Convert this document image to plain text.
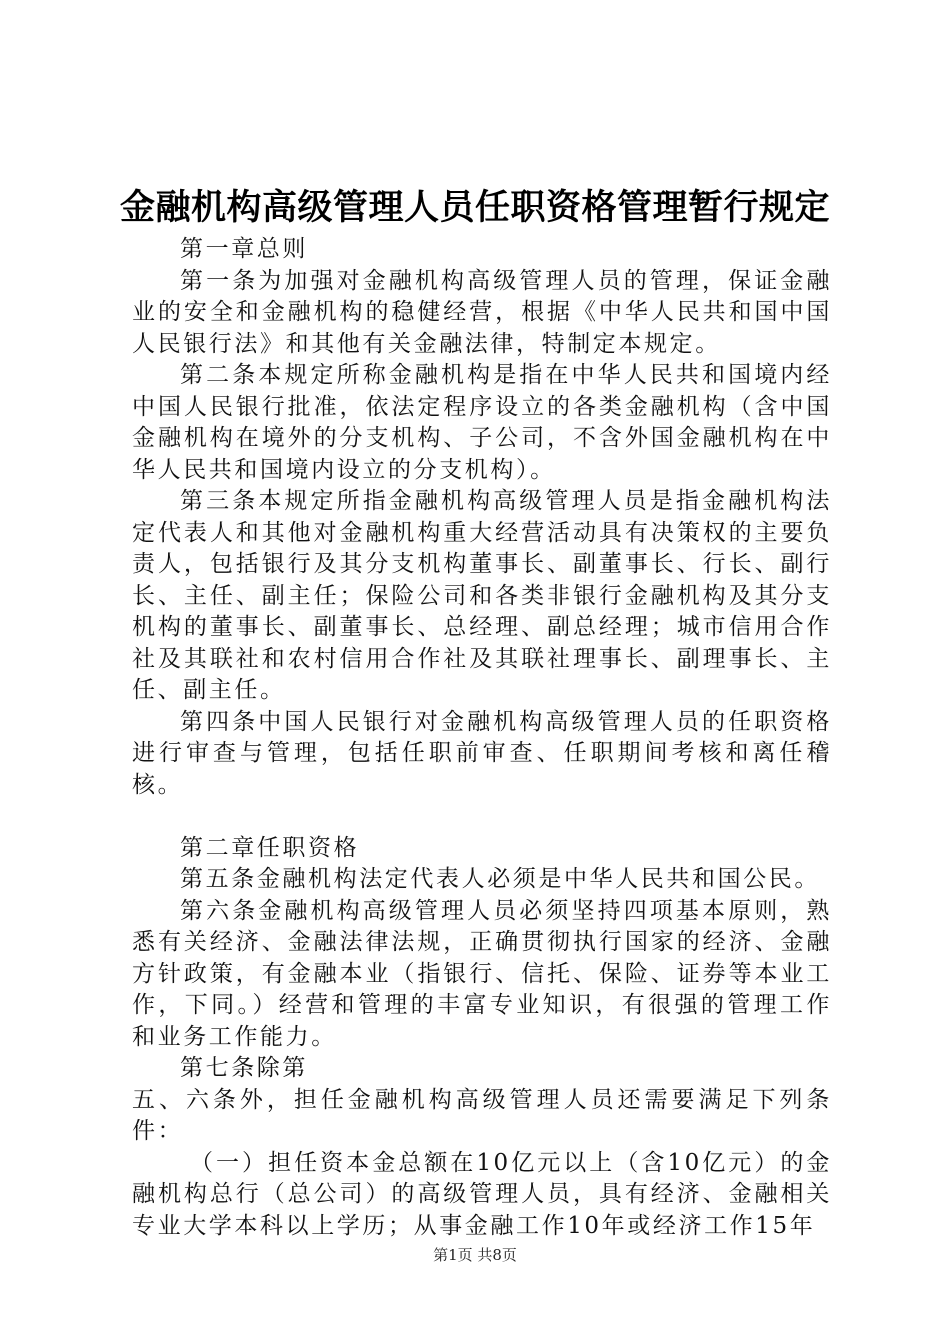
金融机构高级管理人员任职资格管理暂行规定

第一章总则

第一条为加强对金融机构高级管理人员的管理，保证金融业的安全和金融机构的稳健经营，根据《中华人民共和国中国人民银行法》和其他有关金融法律，特制定本规定。

第二条本规定所称金融机构是指在中华人民共和国境内经中国人民银行批准，依法定程序设立的各类金融机构（含中国金融机构在境外的分支机构、子公司，不含外国金融机构在中华人民共和国境内设立的分支机构）。

第三条本规定所指金融机构高级管理人员是指金融机构法定代表人和其他对金融机构重大经营活动具有决策权的主要负责人，包括银行及其分支机构董事长、副董事长、行长、副行长、主任、副主任；保险公司和各类非银行金融机构及其分支机构的董事长、副董事长、总经理、副总经理；城市信用合作社及其联社和农村信用合作社及其联社理事长、副理事长、主任、副主任。

第四条中国人民银行对金融机构高级管理人员的任职资格进行审查与管理，包括任职前审查、任职期间考核和离任稽核。

第二章任职资格

第五条金融机构法定代表人必须是中华人民共和国公民。

第六条金融机构高级管理人员必须坚持四项基本原则，熟悉有关经济、金融法律法规，正确贯彻执行国家的经济、金融方针政策，有金融本业（指银行、信托、保险、证券等本业工作，下同。）经营和管理的丰富专业知识，有很强的管理工作和业务工作能力。

第七条除第

五、六条外，担任金融机构高级管理人员还需要满足下列条件：

（一）担任资本金总额在10亿元以上（含10亿元）的金融机构总行（总公司）的高级管理人员，具有经济、金融相关专业大学本科以上学历；从事金融工作10年或经济工作15年

第1页 共8页
